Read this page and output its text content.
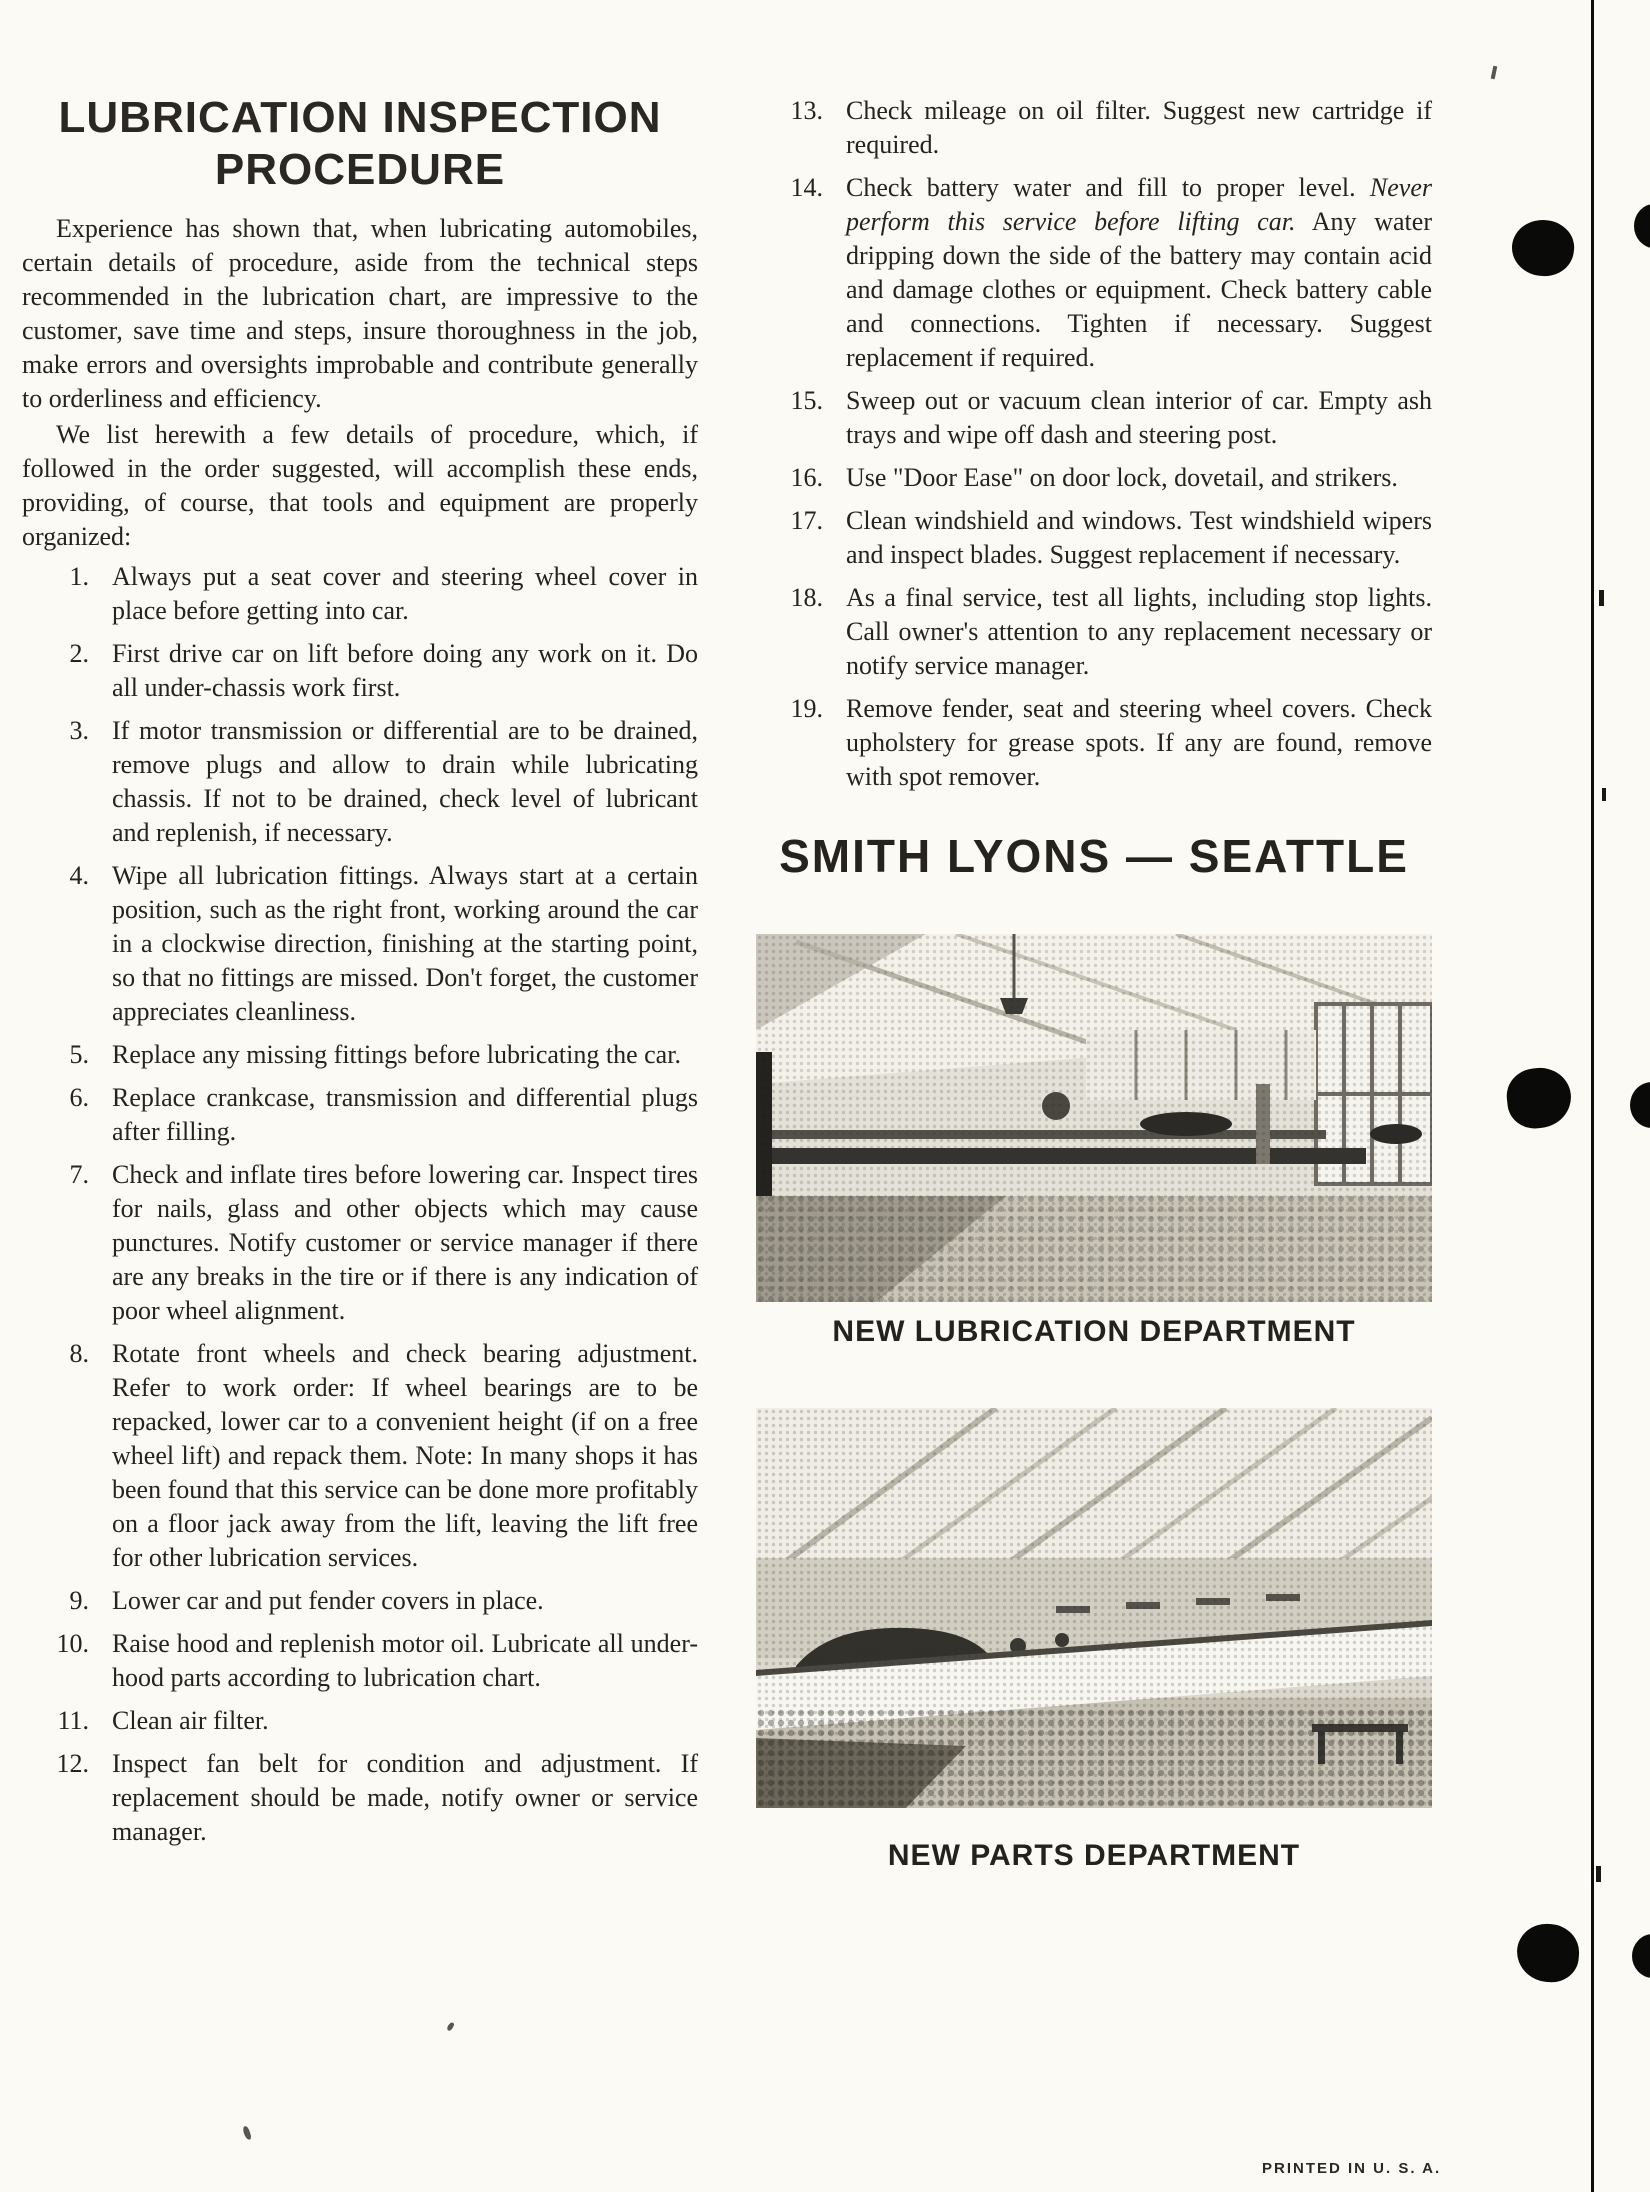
LUBRICATION INSPECTION
PROCEDURE

Experience has shown that, when lubricating automobiles, certain details of procedure, aside from the technical steps recommended in the lubrication chart, are impressive to the customer, save time and steps, insure thoroughness in the job, make errors and oversights improbable and contribute generally to orderliness and efficiency.

We list herewith a few details of procedure, which, if followed in the order suggested, will accomplish these ends, providing, of course, that tools and equipment are properly organized:

1. Always put a seat cover and steering wheel cover in place before getting into car.
2. First drive car on lift before doing any work on it. Do all under-chassis work first.
3. If motor transmission or differential are to be drained, remove plugs and allow to drain while lubricating chassis. If not to be drained, check level of lubricant and replenish, if necessary.
4. Wipe all lubrication fittings. Always start at a certain position, such as the right front, working around the car in a clockwise direction, finishing at the starting point, so that no fittings are missed. Don't forget, the customer appreciates cleanliness.
5. Replace any missing fittings before lubricating the car.
6. Replace crankcase, transmission and differential plugs after filling.
7. Check and inflate tires before lowering car. Inspect tires for nails, glass and other objects which may cause punctures. Notify customer or service manager if there are any breaks in the tire or if there is any indication of poor wheel alignment.
8. Rotate front wheels and check bearing adjustment. Refer to work order: If wheel bearings are to be repacked, lower car to a convenient height (if on a free wheel lift) and repack them. Note: In many shops it has been found that this service can be done more profitably on a floor jack away from the lift, leaving the lift free for other lubrication services.
9. Lower car and put fender covers in place.
10. Raise hood and replenish motor oil. Lubricate all under-hood parts according to lubrication chart.
11. Clean air filter.
12. Inspect fan belt for condition and adjustment. If replacement should be made, notify owner or service manager.
13. Check mileage on oil filter. Suggest new cartridge if required.
14. Check battery water and fill to proper level. Never perform this service before lifting car. Any water dripping down the side of the battery may contain acid and damage clothes or equipment. Check battery cable and connections. Tighten if necessary. Suggest replacement if required.
15. Sweep out or vacuum clean interior of car. Empty ash trays and wipe off dash and steering post.
16. Use "Door Ease" on door lock, dovetail, and strikers.
17. Clean windshield and windows. Test windshield wipers and inspect blades. Suggest replacement if necessary.
18. As a final service, test all lights, including stop lights. Call owner's attention to any replacement necessary or notify service manager.
19. Remove fender, seat and steering wheel covers. Check upholstery for grease spots. If any are found, remove with spot remover.
SMITH LYONS — SEATTLE
NEW LUBRICATION DEPARTMENT
NEW PARTS DEPARTMENT
PRINTED IN U. S. A.
